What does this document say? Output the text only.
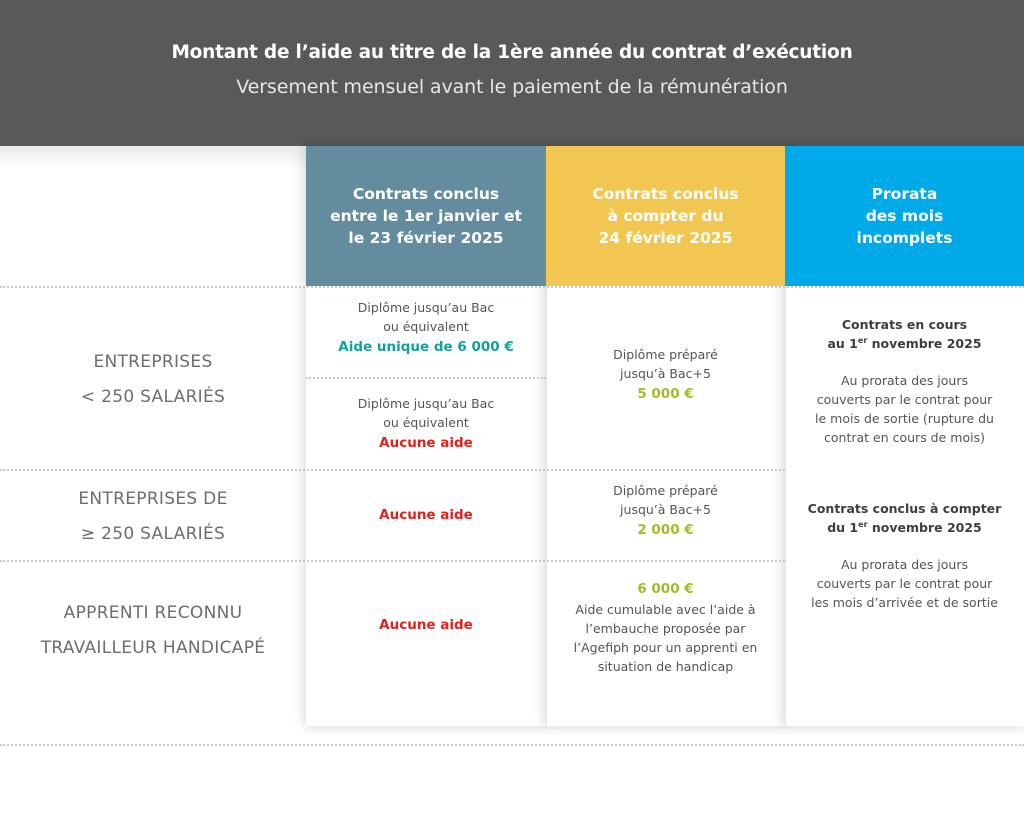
Montant de l’aide au titre de la 1ère année du contrat d’exécution
Versement mensuel avant le paiement de la rémunération
Contrats conclus
entre le 1er janvier et
le 23 février 2025
Contrats conclus
à compter du
24 février 2025
Prorata
des mois
incomplets
ENTREPRISES
< 250 SALARIÉS
ENTREPRISES DE
≥ 250 SALARIÉS
APPRENTI RECONNU
TRAVAILLEUR HANDICAPÉ
Diplôme jusqu’au Bac
ou équivalent
Aide unique de 6 000 €
Diplôme jusqu’au Bac
ou équivalent
Aucune aide
Diplôme préparé
jusqu’à Bac+5
5 000 €
Aucune aide
Diplôme préparé
jusqu’à Bac+5
2 000 €
Aucune aide
6 000 €
Aide cumulable avec l’aide à
l’embauche proposée par
l’Agefiph pour un apprenti en
situation de handicap
Contrats en cours
au 1er novembre 2025
Au prorata des jours
couverts par le contrat pour
le mois de sortie (rupture du
contrat en cours de mois)
Contrats conclus à compter
du 1er novembre 2025
Au prorata des jours
couverts par le contrat pour
les mois d’arrivée et de sortie
